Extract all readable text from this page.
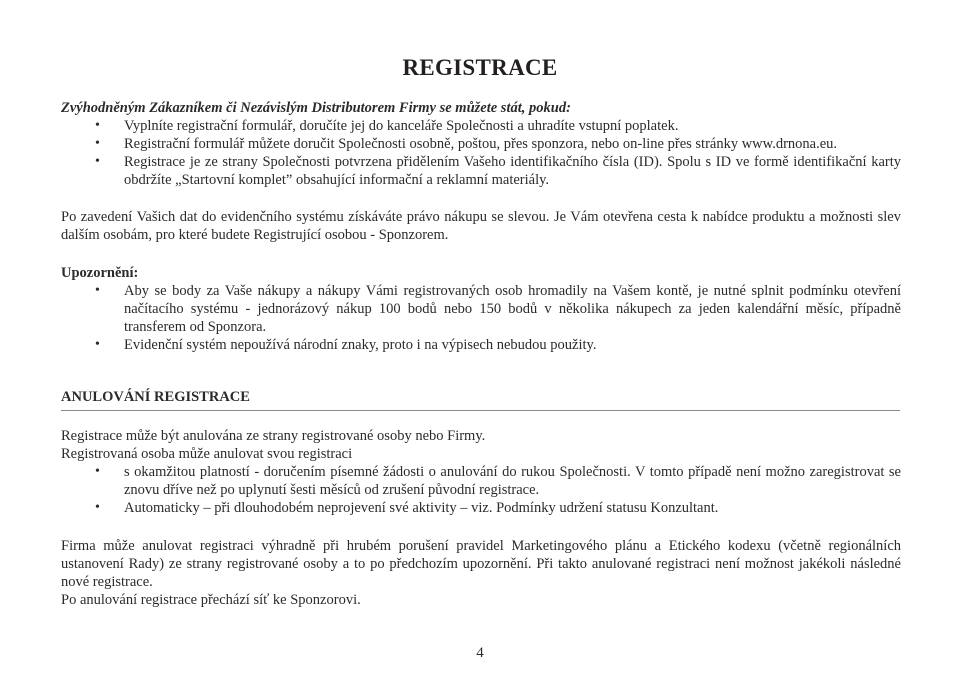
REGISTRACE

Zvýhodněným Zákazníkem či Nezávislým Distributorem Firmy se můžete stát, pokud:

• Vyplníte registrační formulář, doručíte jej do kanceláře Společnosti a uhradíte vstupní poplatek.
• Registrační formulář můžete doručit Společnosti osobně, poštou, přes sponzora, nebo on-line přes stránky www.drnona.eu.
• Registrace je ze strany Společnosti potvrzena přidělením Vašeho identifikačního čísla (ID). Spolu s ID ve formě identifikační karty obdržíte „Startovní komplet” obsahující informační a reklamní materiály.
Po zavedení Vašich dat do evidenčního systému získáváte právo nákupu se slevou. Je Vám otevřena cesta k nabídce produktu a možnosti slev dalším osobám, pro které budete Registrující osobou - Sponzorem.

Upozornění:

• Aby se body za Vaše nákupy a nákupy Vámi registrovaných osob hromadily na Vašem kontě, je nutné splnit podmínku otevření načítacího systému - jednorázový nákup 100 bodů nebo 150 bodů v několika nákupech za jeden kalendářní měsíc, případně transferem od Sponzora.
• Evidenční systém nepoužívá národní znaky, proto i na výpisech nebudou použity.
ANULOVÁNÍ REGISTRACE

Registrace může být anulována ze strany registrované osoby nebo Firmy.

Registrovaná osoba může anulovat svou registraci

• s okamžitou platností - doručením písemné žádosti o anulování do rukou Společnosti. V tomto případě není možno zaregistrovat se znovu dříve než po uplynutí šesti měsíců od zrušení původní registrace.
• Automaticky – při dlouhodobém neprojevení své aktivity – viz. Podmínky udržení statusu Konzultant.
Firma může anulovat registraci výhradně při hrubém porušení pravidel Marketingového plánu a Etického kodexu (včetně regionálních ustanovení Rady) ze strany registrované osoby a to po předchozím upozornění. Při takto anulované registraci není možnost jakékoli následné nové registrace.
Po anulování registrace přechází síť ke Sponzorovi.
4
